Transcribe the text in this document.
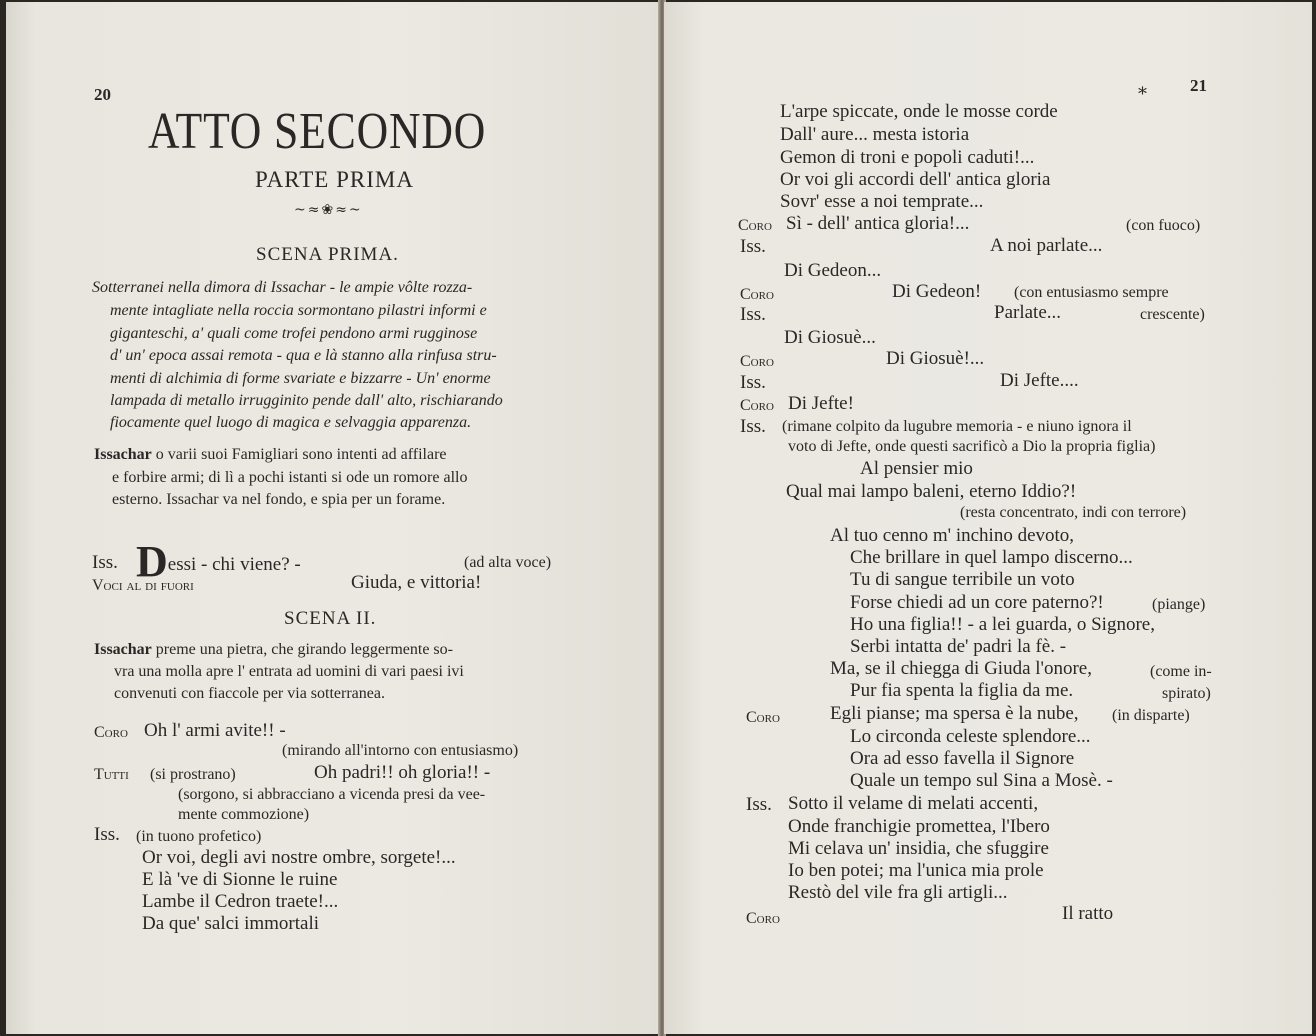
20
ATTO SECONDO
PARTE PRIMA
~≈❀≈~
SCENA PRIMA.
Sotterranei nella dimora di Issachar - le ampie vôlte rozza-
mente intagliate nella roccia sormontano pilastri informi e
giganteschi, a' quali come trofei pendono armi rugginose
d' un' epoca assai remota - qua e là stanno alla rinfusa stru-
menti di alchimia di forme svariate e bizzarre - Un' enorme
lampada di metallo irrugginito pende dall' alto, rischiarando
fiocamente quel luogo di magica e selvaggia apparenza.
Issachar o varii suoi Famigliari sono intenti ad affilare
e forbire armi; di lì a pochi istanti si ode un romore allo
esterno. Issachar va nel fondo, e spia per un forame.
Iss. Dessi - chi viene? -	(ad alta voce)
Voci al di fuori	Giuda, e vittoria!
SCENA II.
Issachar preme una pietra, che girando leggermente so-
vra una molla apre l' entrata ad uomini di vari paesi ivi
convenuti con fiaccole per via sotterranea.
Coro Oh l' armi avite!! -
(mirando all'intorno con entusiasmo)
Tutti (si prostrano)	Oh padri!! oh gloria!! -
(sorgono, si abbracciano a vicenda presi da vee-
mente commozione)
Iss. (in tuono profetico)
Or voi, degli avi nostre ombre, sorgete!...
E là 've di Sionne le ruine
Lambe il Cedron traete!...
Da que' salci immortali
⁎	21
L'arpe spiccate, onde le mosse corde
Dall' aure... mesta istoria
Gemon di troni e popoli caduti!...
Or voi gli accordi dell' antica gloria
Sovr' esse a noi temprate...
Coro Sì - dell' antica gloria!...	(con fuoco)
Iss.	A noi parlate...
Di Gedeon...
Coro	Di Gedeon! (con entusiasmo sempre
Iss.	Parlate...	crescente)
Di Giosuè...
Coro	Di Giosuè!...
Iss.	Di Jefte....
Coro Di Jefte!
Iss. (rimane colpito da lugubre memoria - e niuno ignora il
voto di Jefte, onde questi sacrificò a Dio la propria figlia)
Al pensier mio
Qual mai lampo baleni, eterno Iddio?!
(resta concentrato, indi con terrore)
Al tuo cenno m' inchino devoto,
Che brillare in quel lampo discerno...
Tu di sangue terribile un voto
Forse chiedi ad un core paterno?!	(piange)
Ho una figlia!! - a lei guarda, o Signore,
Serbi intatta de' padri la fè. -
Ma, se il chiegga di Giuda l'onore,	(come in-
Pur fia spenta la figlia da me.	spirato)
Coro	Egli pianse; ma spersa è la nube, (in disparte)
Lo circonda celeste splendore...
Ora ad esso favella il Signore
Quale un tempo sul Sina a Mosè. -
Iss. Sotto il velame di melati accenti,
Onde franchigie promettea, l'Ibero
Mi celava un' insidia, che sfuggire
Io ben potei; ma l'unica mia prole
Restò del vile fra gli artigli...
Coro	Il ratto
